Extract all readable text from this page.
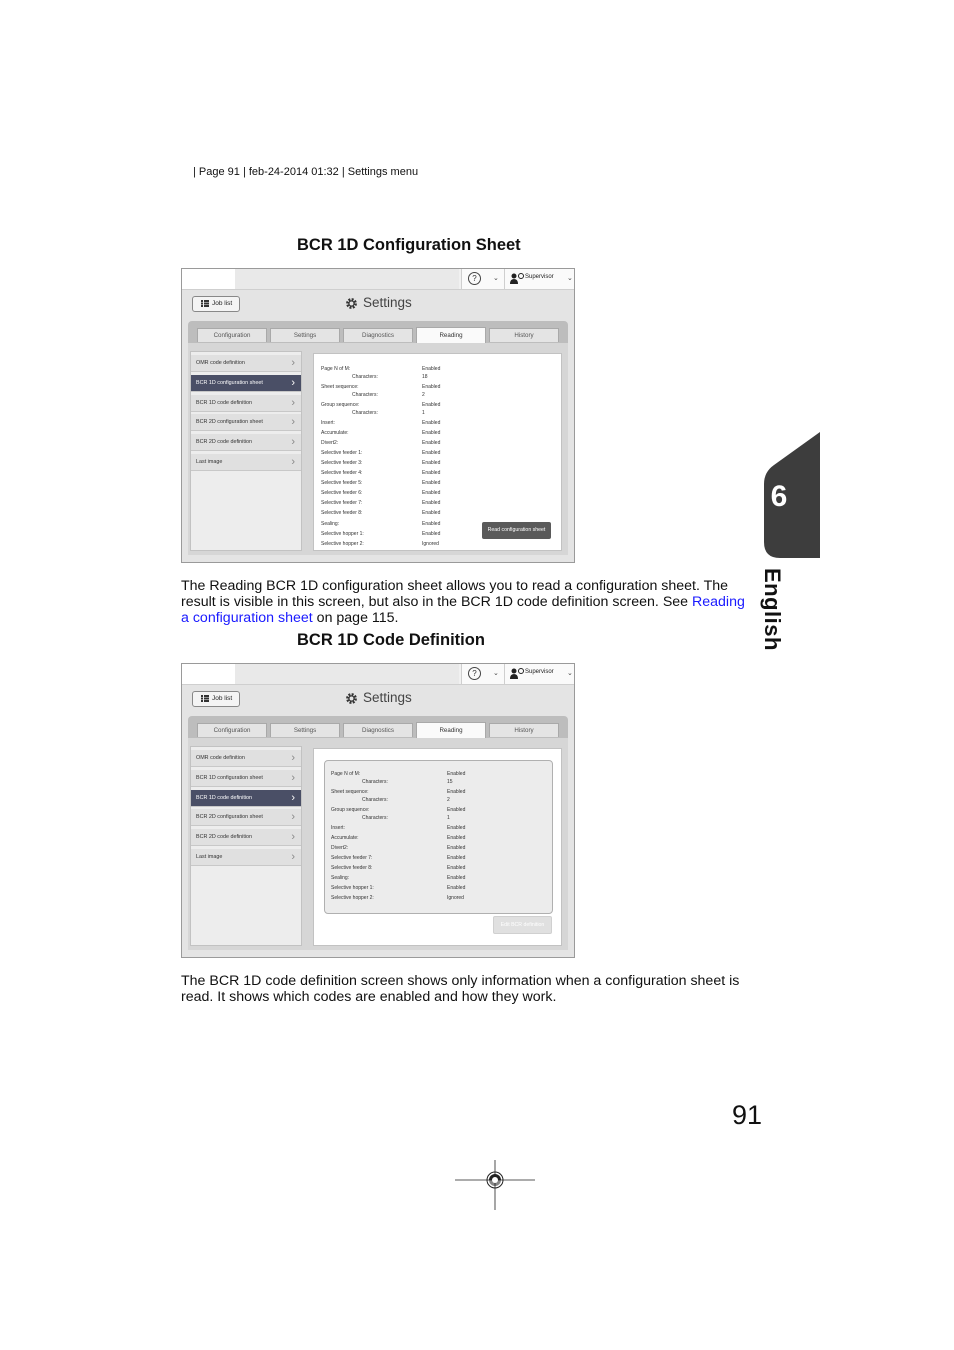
| Page 91 | feb-24-2014 01:32 | Settings menu
BCR 1D Configuration Sheet
?	⌄	Supervisor ⌄
Job list	Settings
Configuration	Settings	Diagnostics	Reading	History
OMR code definition	›
BCR 1D configuration sheet	›
BCR 1D code definition	›
BCR 2D configuration sheet	›
BCR 2D code definition	›
Last image	›
Page N of M:	Enabled
Characters:	18
Sheet sequence:	Enabled
Characters:	2
Group sequence:	Enabled
Characters:	1
Insert:	Enabled
Accumulate:	Enabled
Divert2:	Enabled
Selective feeder 1:	Enabled
Selective feeder 3:	Enabled
Selective feeder 4:	Enabled
Selective feeder 5:	Enabled
Selective feeder 6:	Enabled
Selective feeder 7:	Enabled
Selective feeder 8:	Enabled
Sealing:	Enabled
Selective hopper 1:	Enabled
Selective hopper 2:	Ignored
Read configuration sheet
The Reading BCR 1D configuration sheet allows you to read a configuration sheet. The result is visible in this screen, but also in the BCR 1D code definition screen. See Reading a configuration sheet on page 115.
BCR 1D Code Definition
?	⌄	Supervisor ⌄
Job list	Settings
Configuration	Settings	Diagnostics	Reading	History
OMR code definition	›
BCR 1D configuration sheet	›
BCR 1D code definition	›
BCR 2D configuration sheet	›
BCR 2D code definition	›
Last image	›
Page N of M:	Enabled
Characters:	15
Sheet sequence:	Enabled
Characters:	2
Group sequence:	Enabled
Characters:	1
Insert:	Enabled
Accumulate:	Enabled
Divert2:	Enabled
Selective feeder 7:	Enabled
Selective feeder 8:	Enabled
Sealing:	Enabled
Selective hopper 1:	Enabled
Selective hopper 2:	Ignored
Edit BCR definition
The BCR 1D code definition screen shows only information when a configuration sheet is read. It shows which codes are enabled and how they work.
6
English
91
